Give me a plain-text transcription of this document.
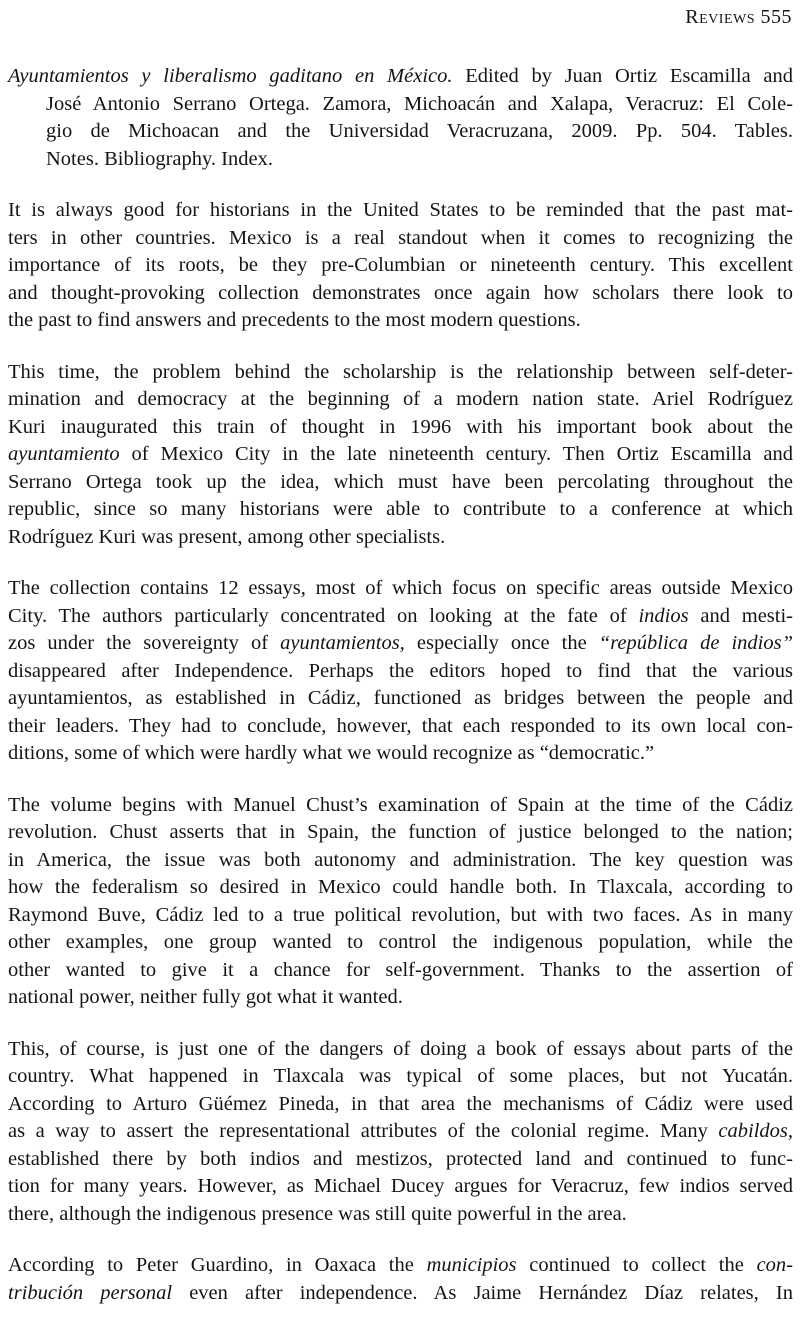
Reviews 555
Ayuntamientos y liberalismo gaditano en México. Edited by Juan Ortiz Escamilla and
José Antonio Serrano Ortega. Zamora, Michoacán and Xalapa, Veracruz: El Cole-
gio de Michoacan and the Universidad Veracruzana, 2009. Pp. 504. Tables.
Notes. Bibliography. Index.
It is always good for historians in the United States to be reminded that the past mat-
ters in other countries. Mexico is a real standout when it comes to recognizing the
importance of its roots, be they pre-Columbian or nineteenth century. This excellent
and thought-provoking collection demonstrates once again how scholars there look to
the past to find answers and precedents to the most modern questions.
This time, the problem behind the scholarship is the relationship between self-deter-
mination and democracy at the beginning of a modern nation state. Ariel Rodríguez
Kuri inaugurated this train of thought in 1996 with his important book about the
ayuntamiento of Mexico City in the late nineteenth century. Then Ortiz Escamilla and
Serrano Ortega took up the idea, which must have been percolating throughout the
republic, since so many historians were able to contribute to a conference at which
Rodríguez Kuri was present, among other specialists.
The collection contains 12 essays, most of which focus on specific areas outside Mexico
City. The authors particularly concentrated on looking at the fate of indios and mesti-
zos under the sovereignty of ayuntamientos, especially once the “república de indios”
disappeared after Independence. Perhaps the editors hoped to find that the various
ayuntamientos, as established in Cádiz, functioned as bridges between the people and
their leaders. They had to conclude, however, that each responded to its own local con-
ditions, some of which were hardly what we would recognize as “democratic.”
The volume begins with Manuel Chust’s examination of Spain at the time of the Cádiz
revolution. Chust asserts that in Spain, the function of justice belonged to the nation;
in America, the issue was both autonomy and administration. The key question was
how the federalism so desired in Mexico could handle both. In Tlaxcala, according to
Raymond Buve, Cádiz led to a true political revolution, but with two faces. As in many
other examples, one group wanted to control the indigenous population, while the
other wanted to give it a chance for self-government. Thanks to the assertion of
national power, neither fully got what it wanted.
This, of course, is just one of the dangers of doing a book of essays about parts of the
country. What happened in Tlaxcala was typical of some places, but not Yucatán.
According to Arturo Güémez Pineda, in that area the mechanisms of Cádiz were used
as a way to assert the representational attributes of the colonial regime. Many cabildos,
established there by both indios and mestizos, protected land and continued to func-
tion for many years. However, as Michael Ducey argues for Veracruz, few indios served
there, although the indigenous presence was still quite powerful in the area.
According to Peter Guardino, in Oaxaca the municipios continued to collect the con-
tribución personal even after independence. As Jaime Hernández Díaz relates, In
